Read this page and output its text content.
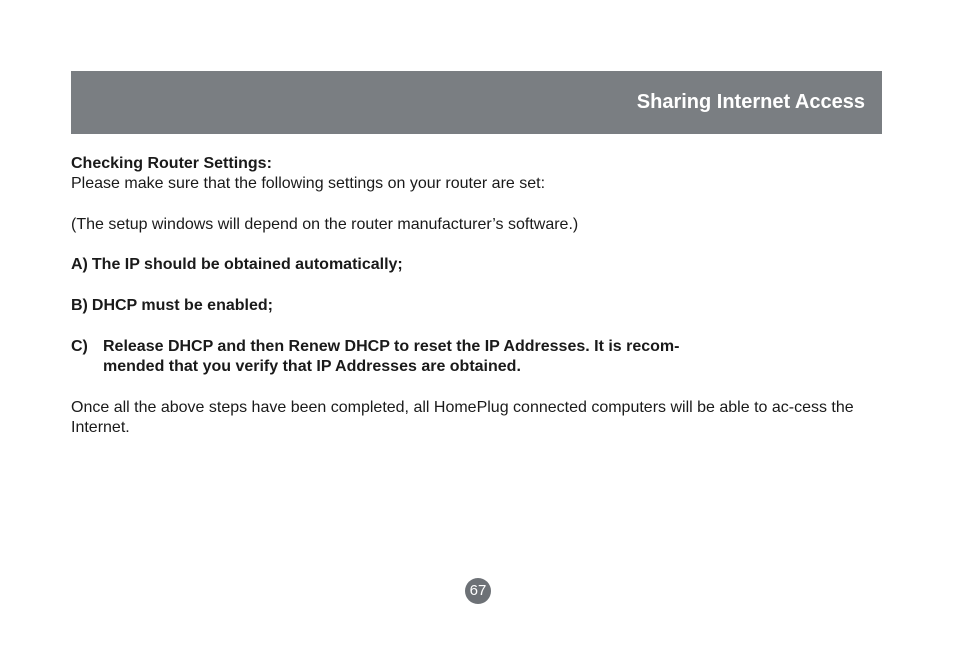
Sharing Internet Access

Checking Router Settings:

Please make sure that the following settings on your router are set:

(The setup windows will depend on the router manufacturer’s software.)

A) The IP should be obtained automatically;
B) DHCP must be enabled;
C) Release DHCP and then Renew DHCP to reset the IP Addresses. It is recom-mended that you verify that IP Addresses are obtained.

Once all the above steps have been completed, all HomePlug connected computers will be able to ac-cess the Internet.

67
